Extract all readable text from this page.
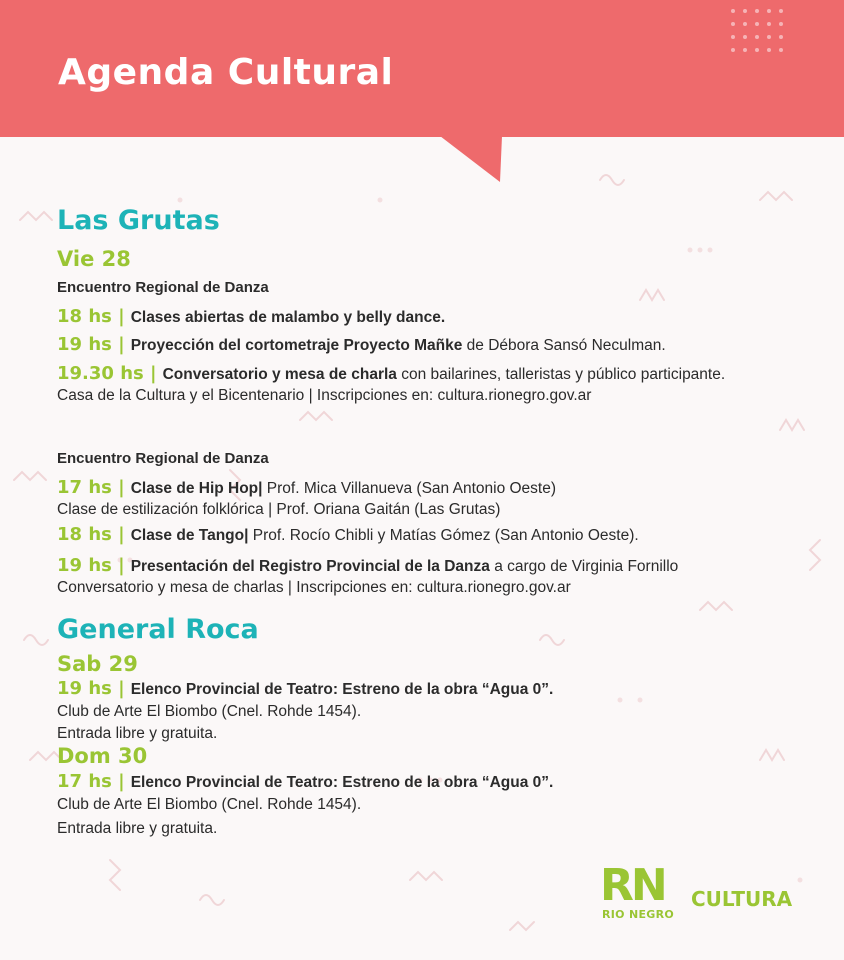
Agenda Cultural
Las Grutas
Vie 28
Encuentro Regional de Danza
18 hs | Clases abiertas de malambo y belly dance.
19 hs | Proyección del cortometraje Proyecto Mañke de Débora Sansó Neculman.
19.30 hs | Conversatorio y mesa de charla con bailarines, talleristas y público participante.
Casa de la Cultura y el Bicentenario | Inscripciones en: cultura.rionegro.gov.ar
Encuentro Regional de Danza
17 hs | Clase de Hip Hop| Prof. Mica Villanueva (San Antonio Oeste)
Clase de estilización folklórica | Prof. Oriana Gaitán (Las Grutas)
18 hs | Clase de Tango| Prof. Rocío Chibli y Matías Gómez (San Antonio Oeste).
19 hs | Presentación del Registro Provincial de la Danza a cargo de Virginia Fornillo
Conversatorio y mesa de charlas | Inscripciones en: cultura.rionegro.gov.ar
General Roca
Sab 29
19 hs | Elenco Provincial de Teatro: Estreno de la obra “Agua 0”.
Club de Arte El Biombo (Cnel. Rohde 1454).
Entrada libre y gratuita.
Dom 30
17 hs | Elenco Provincial de Teatro: Estreno de la obra “Agua 0”.
Club de Arte El Biombo (Cnel. Rohde 1454).
Entrada libre y gratuita.
RN
RIO NEGRO
CULTURA
